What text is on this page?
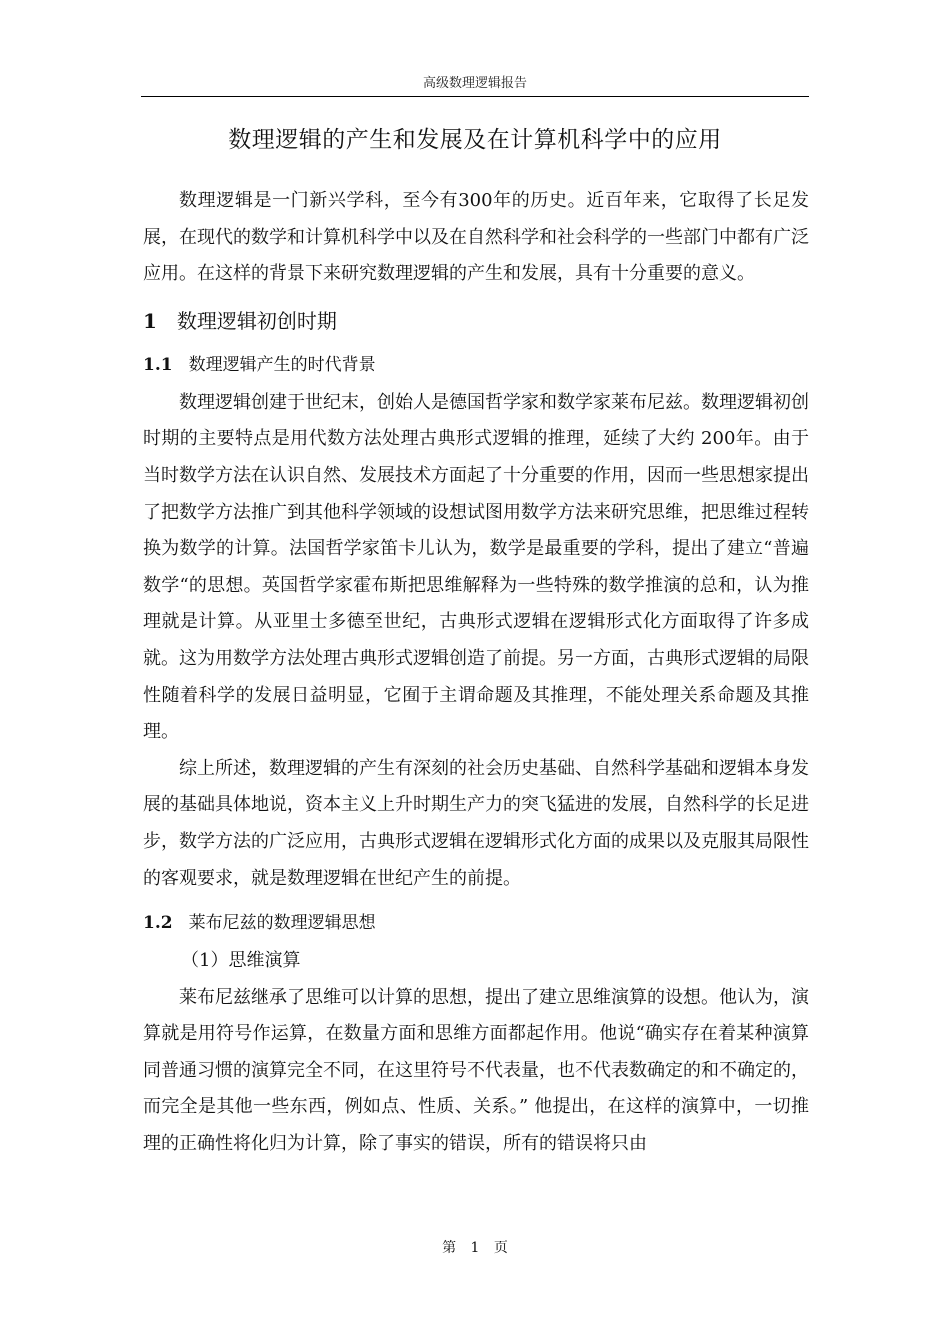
高级数理逻辑报告
数理逻辑的产生和发展及在计算机科学中的应用

数理逻辑是一门新兴学科，至今有300年的历史。近百年来，它取得了长足发展，在现代的数学和计算机科学中以及在自然科学和社会科学的一些部门中都有广泛应用。在这样的背景下来研究数理逻辑的产生和发展，具有十分重要的意义。

1 数理逻辑初创时期
1.1 数理逻辑产生的时代背景

数理逻辑创建于世纪末，创始人是德国哲学家和数学家莱布尼兹。数理逻辑初创时期的主要特点是用代数方法处理古典形式逻辑的推理，延续了大约 200年。由于当时数学方法在认识自然、发展技术方面起了十分重要的作用，因而一些思想家提出了把数学方法推广到其他科学领域的设想试图用数学方法来研究思维，把思维过程转换为数学的计算。法国哲学家笛卡儿认为，数学是最重要的学科，提出了建立“普遍数学“的思想。英国哲学家霍布斯把思维解释为一些特殊的数学推演的总和，认为推理就是计算。从亚里士多德至世纪，古典形式逻辑在逻辑形式化方面取得了许多成就。这为用数学方法处理古典形式逻辑创造了前提。另一方面，古典形式逻辑的局限性随着科学的发展日益明显，它囿于主谓命题及其推理，不能处理关系命题及其推理。

综上所述，数理逻辑的产生有深刻的社会历史基础、自然科学基础和逻辑本身发展的基础具体地说，资本主义上升时期生产力的突飞猛进的发展，自然科学的长足进步，数学方法的广泛应用，古典形式逻辑在逻辑形式化方面的成果以及克服其局限性的客观要求，就是数理逻辑在世纪产生的前提。

1.2 莱布尼兹的数理逻辑思想

（1）思维演算

莱布尼兹继承了思维可以计算的思想，提出了建立思维演算的设想。他认为，演算就是用符号作运算，在数量方面和思维方面都起作用。他说“确实存在着某种演算同普通习惯的演算完全不同，在这里符号不代表量，也不代表数确定的和不确定的，而完全是其他一些东西，例如点、性质、关系。” 他提出，在这样的演算中，一切推理的正确性将化归为计算，除了事实的错误，所有的错误将只由

第 1 页
